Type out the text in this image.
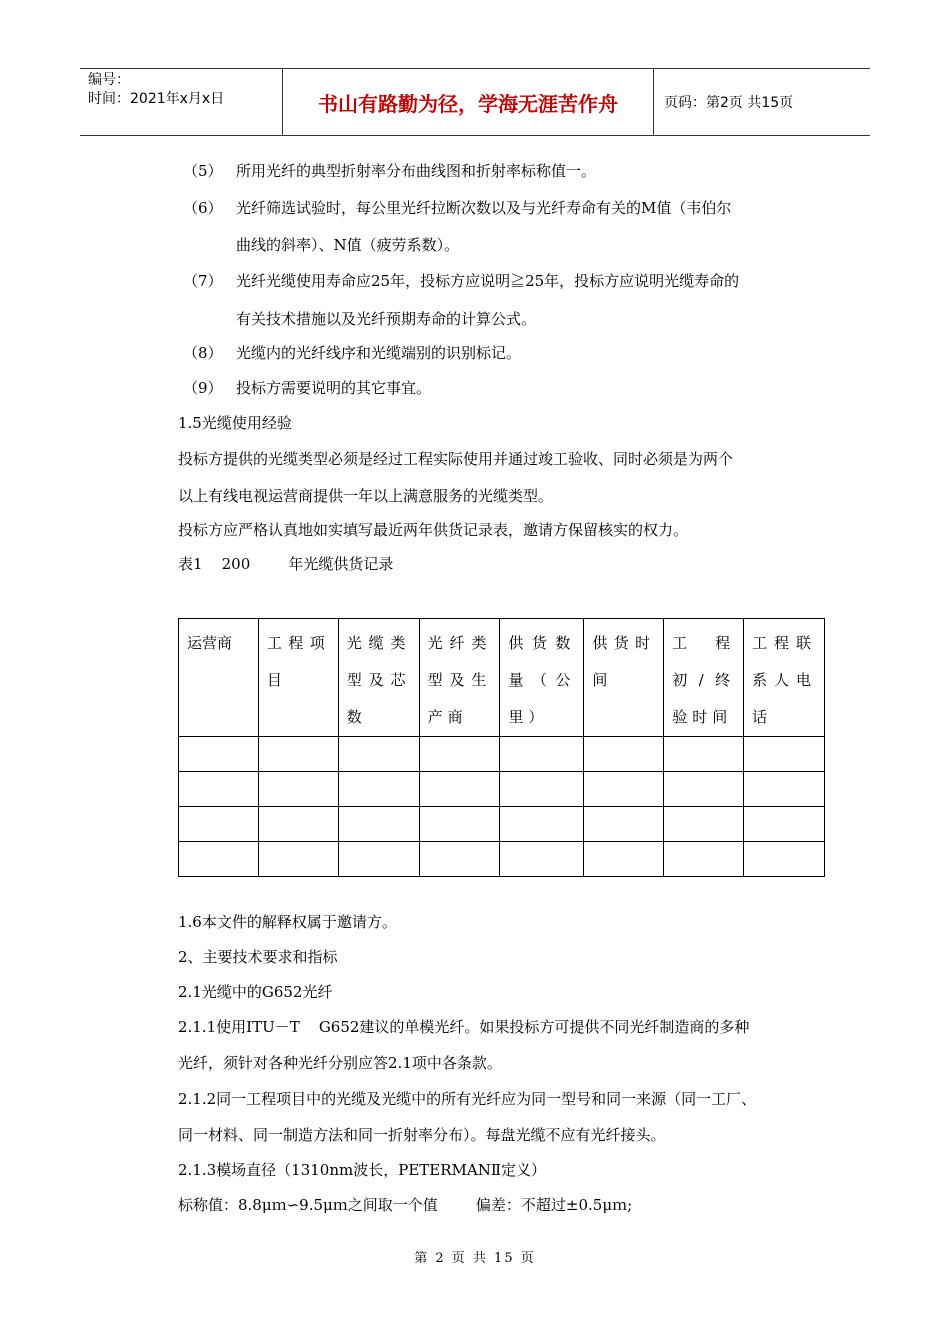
编号：
时间：2021年x月x日	书山有路勤为径，学海无涯苦作舟	页码：第2页 共15页
（5） 所用光纤的典型折射率分布曲线图和折射率标称值一。
（6） 光纤筛选试验时，每公里光纤拉断次数以及与光纤寿命有关的M值（韦伯尔
曲线的斜率）、N值（疲劳系数）。
（7） 光纤光缆使用寿命应25年，投标方应说明≧25年，投标方应说明光缆寿命的
有关技术措施以及光纤预期寿命的计算公式。
（8） 光缆内的光纤线序和光缆端别的识别标记。
（9） 投标方需要说明的其它事宜。
1.5光缆使用经验
投标方提供的光缆类型必须是经过工程实际使用并通过竣工验收、同时必须是为两个
以上有线电视运营商提供一年以上满意服务的光缆类型。
投标方应严格认真地如实填写最近两年供货记录表，邀请方保留核实的权力。
表1    200        年光缆供货记录
运营商	工程项目	光缆类型及芯数	光纤类型及生产商	供货数量（公里）	供货时间	工程初/终验时间	工程联系人电话

1.6本文件的解释权属于邀请方。
2、主要技术要求和指标
2.1光缆中的G652光纤
2.1.1使用ITU－T    G652建议的单模光纤。如果投标方可提供不同光纤制造商的多种
光纤，须针对各种光纤分别应答2.1项中各条款。
2.1.2同一工程项目中的光缆及光缆中的所有光纤应为同一型号和同一来源（同一工厂、
同一材料、同一制造方法和同一折射率分布）。每盘光缆不应有光纤接头。
2.1.3模场直径（1310nm波长，PETERMANⅡ定义）
标称值：8.8μｍ∽9.5μｍ之间取一个值        偏差：不超过±0.5μｍ;
第 2 页 共 15 页
